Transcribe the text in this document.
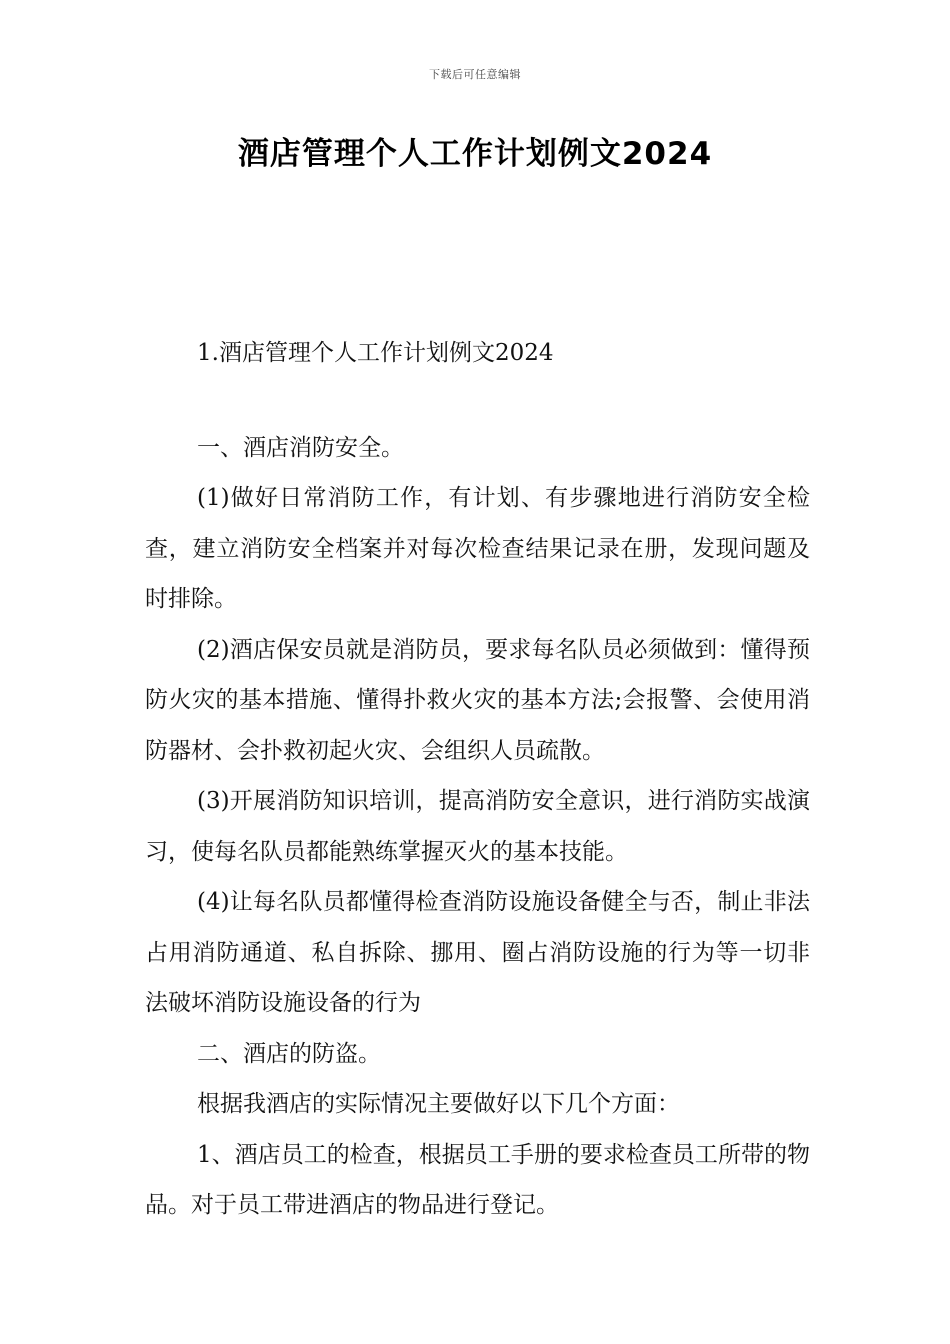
下载后可任意编辑
酒店管理个人工作计划例文2024
1.酒店管理个人工作计划例文2024

一、酒店消防安全。

(1)做好日常消防工作，有计划、有步骤地进行消防安全检查，建立消防安全档案并对每次检查结果记录在册，发现问题及时排除。

(2)酒店保安员就是消防员，要求每名队员必须做到：懂得预防火灾的基本措施、懂得扑救火灾的基本方法;会报警、会使用消防器材、会扑救初起火灾、会组织人员疏散。

(3)开展消防知识培训，提高消防安全意识，进行消防实战演习，使每名队员都能熟练掌握灭火的基本技能。

(4)让每名队员都懂得检查消防设施设备健全与否，制止非法占用消防通道、私自拆除、挪用、圈占消防设施的行为等一切非法破坏消防设施设备的行为

二、酒店的防盗。

根据我酒店的实际情况主要做好以下几个方面：

1、酒店员工的检查，根据员工手册的要求检查员工所带的物品。对于员工带进酒店的物品进行登记。
